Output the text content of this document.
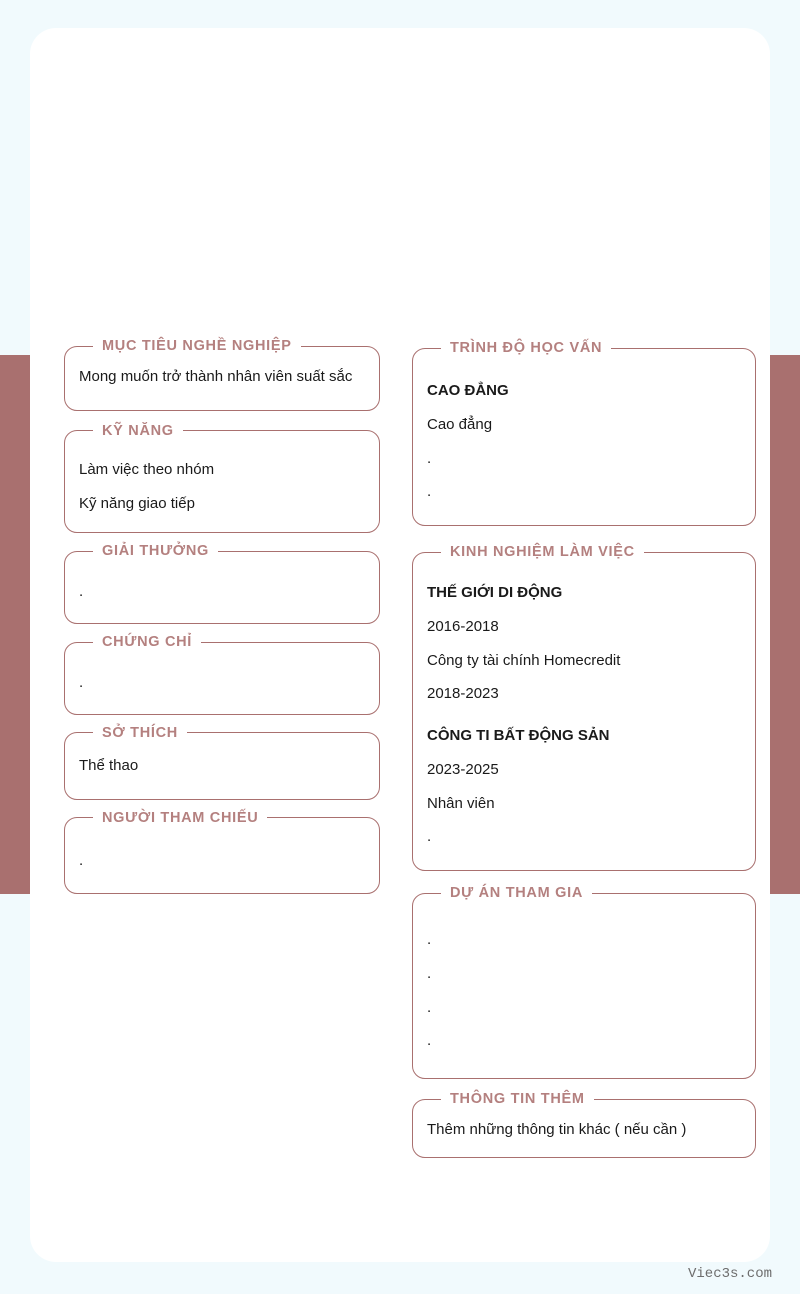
MỤC TIÊU NGHỀ NGHIỆP
Mong muốn trở thành nhân viên suất sắc
KỸ NĂNG
Làm việc theo nhóm
Kỹ năng giao tiếp
GIẢI THƯỞNG
.
CHỨNG CHỈ
.
SỞ THÍCH
Thể thao
NGƯỜI THAM CHIẾU
.
TRÌNH ĐỘ HỌC VẤN
CAO ĐẲNG
Cao đẳng
.
.
KINH NGHIỆM LÀM VIỆC
THẾ GIỚI DI ĐỘNG
2016-2018
Công ty tài chính Homecredit
2018-2023
CÔNG TI BẤT ĐỘNG SẢN
2023-2025
Nhân viên
.
DỰ ÁN THAM GIA
.
.
.
.
THÔNG TIN THÊM
Thêm những thông tin khác ( nếu cần )
Viec3s.com
